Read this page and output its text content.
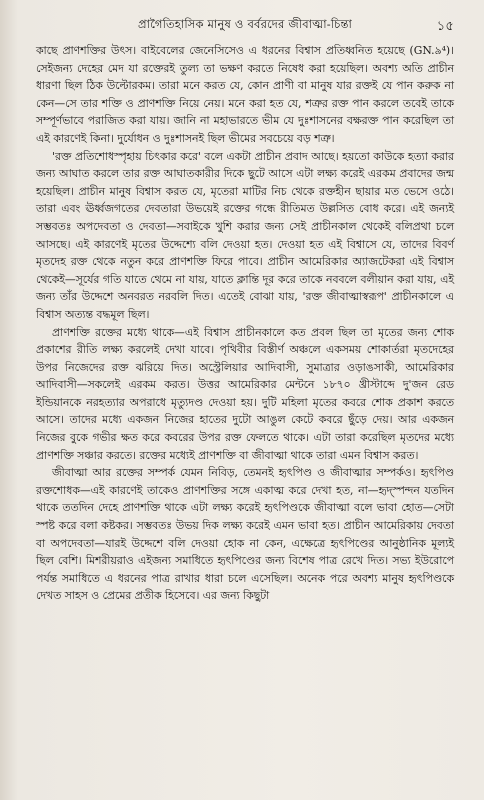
প্রাগৈতিহাসিক মানুষ ও বর্বরদের জীবাত্মা-চিন্তা	১৫

কাছে প্রাণশক্তির উৎস। বাইবেলের জেনেসিসেও এ ধরনের বিশ্বাস প্রতিধ্বনিত হয়েছে (GN.৯⁴)। সেইজন্য দেহের মেদ যা রক্তেরই তুল্য তা ভক্ষণ করতে নিষেধ করা হয়েছিল। অবশ্য অতি প্রাচীন ধারণা ছিল ঠিক উল্টোরকম। তারা মনে করত যে, কোন প্রাণী বা মানুষ যার রক্তই যে পান করুক না কেন—সে তার শক্তি ও প্রাণশক্তি নিয়ে নেয়। মনে করা হত যে, শত্রুর রক্ত পান করলে তবেই তাকে সম্পূর্ণভাবে পরাজিত করা যায়। জানি না মহাভারতে ভীম যে দুঃশাসনের বক্ষরক্ত পান করেছিল তা এই কারণেই কিনা। দুর্যোধন ও দুঃশাসনই ছিল ভীমের সবচেয়ে বড় শত্রু।

'রক্ত প্রতিশোধস্পৃহায় চিৎকার করে' বলে একটা প্রাচীন প্রবাদ আছে। হয়তো কাউকে হত্যা করার জন্য আঘাত করলে তার রক্ত আঘাতকারীর দিকে ছুটে আসে এটা লক্ষ্য করেই এরকম প্রবাদের জন্ম হয়েছিল। প্রাচীন মানুষ বিশ্বাস করত যে, মৃতেরা মাটির নিচ থেকে রক্তহীন ছায়ার মত ভেসে ওঠে। তারা এবং ঊর্ধ্বজগতের দেবতারা উভয়েই রক্তের গন্ধে রীতিমত উল্লসিত বোধ করে। এই জন্যই সম্ভবতঃ অপদেবতা ও দেবতা—সবাইকে খুশি করার জন্য সেই প্রাচীনকাল থেকেই বলিপ্রথা চলে আসছে। এই কারণেই মৃতের উদ্দেশ্যে বলি দেওয়া হত। দেওয়া হত এই বিশ্বাসে যে, তাদের বিবর্ণ মৃতদেহ রক্ত থেকে নতুন করে প্রাণশক্তি ফিরে পাবে। প্রাচীন আমেরিকার অ্যাজটেকরা এই বিশ্বাস থেকেই—সূর্যের গতি যাতে থেমে না যায়, যাতে ক্লান্তি দূর করে তাকে নববলে বলীয়ান করা যায়, এই জন্য তাঁর উদ্দেশে অনবরত নরবলি দিত। এতেই বোঝা যায়, 'রক্ত জীবাত্মাস্বরূপ' প্রাচীনকালে এ বিশ্বাস অত্যন্ত বদ্ধমূল ছিল।

প্রাণশক্তি রক্তের মধ্যে থাকে—এই বিশ্বাস প্রাচীনকালে কত প্রবল ছিল তা মৃতের জন্য শোক প্রকাশের রীতি লক্ষ্য করলেই দেখা যাবে। পৃথিবীর বিস্তীর্ণ অঞ্চলে একসময় শোকার্তরা মৃতদেহের উপর নিজেদের রক্ত ঝরিয়ে দিত। অস্ট্রেলিয়ার আদিবাসী, সুমাত্রার ওড়াঙসাকী, আমেরিকার আদিবাসী—সকলেই এরকম করত। উত্তর আমেরিকার মেন্টনে ১৮৭০ খ্রীস্টাব্দে দু'জন রেড ইন্ডিয়ানকে নরহত্যার অপরাধে মৃত্যুদণ্ড দেওয়া হয়। দুটি মহিলা মৃতের কবরে শোক প্রকাশ করতে আসে। তাদের মধ্যে একজন নিজের হাতের দুটো আঙুল কেটে কবরে ছুঁড়ে দেয়। আর একজন নিজের বুকে গভীর ক্ষত করে কবরের উপর রক্ত ফেলতে থাকে। এটা তারা করেছিল মৃতদের মধ্যে প্রাণশক্তি সঞ্চার করতে। রক্তের মধ্যেই প্রাণশক্তি বা জীবাত্মা থাকে তারা এমন বিশ্বাস করত।

জীবাত্মা আর রক্তের সম্পর্ক যেমন নিবিড়, তেমনই হৃৎপিণ্ড ও জীবাত্মার সম্পর্কও। হৃৎপিণ্ড রক্তশোধক—এই কারণেই তাকেও প্রাণশক্তির সঙ্গে একাত্ম করে দেখা হত, না—হৃদ্‌স্পন্দন যতদিন থাকে ততদিন দেহে প্রাণশক্তি থাকে এটা লক্ষ্য করেই হৃৎপিণ্ডকে জীবাত্মা বলে ভাবা হোত—সেটা স্পষ্ট করে বলা কষ্টকর। সম্ভবতঃ উভয় দিক লক্ষ্য করেই এমন ভাবা হত। প্রাচীন আমেরিকায় দেবতা বা অপদেবতা—যারই উদ্দেশে বলি দেওয়া হোক না কেন, এক্ষেত্রে হৃৎপিণ্ডের আনুষ্ঠানিক মূল্যই ছিল বেশি। মিশরীয়রাও এইজন্য সমাধিতে হৃৎপিণ্ডের জন্য বিশেষ পাত্র রেখে দিত। সভ্য ইউরোপে পর্যন্ত সমাধিতে এ ধরনের পাত্র রাখার ধারা চলে এসেছিল। অনেক পরে অবশ্য মানুষ হৃৎপিণ্ডকে দেখত সাহস ও প্রেমের প্রতীক হিসেবে। এর জন্য কিছুটা
